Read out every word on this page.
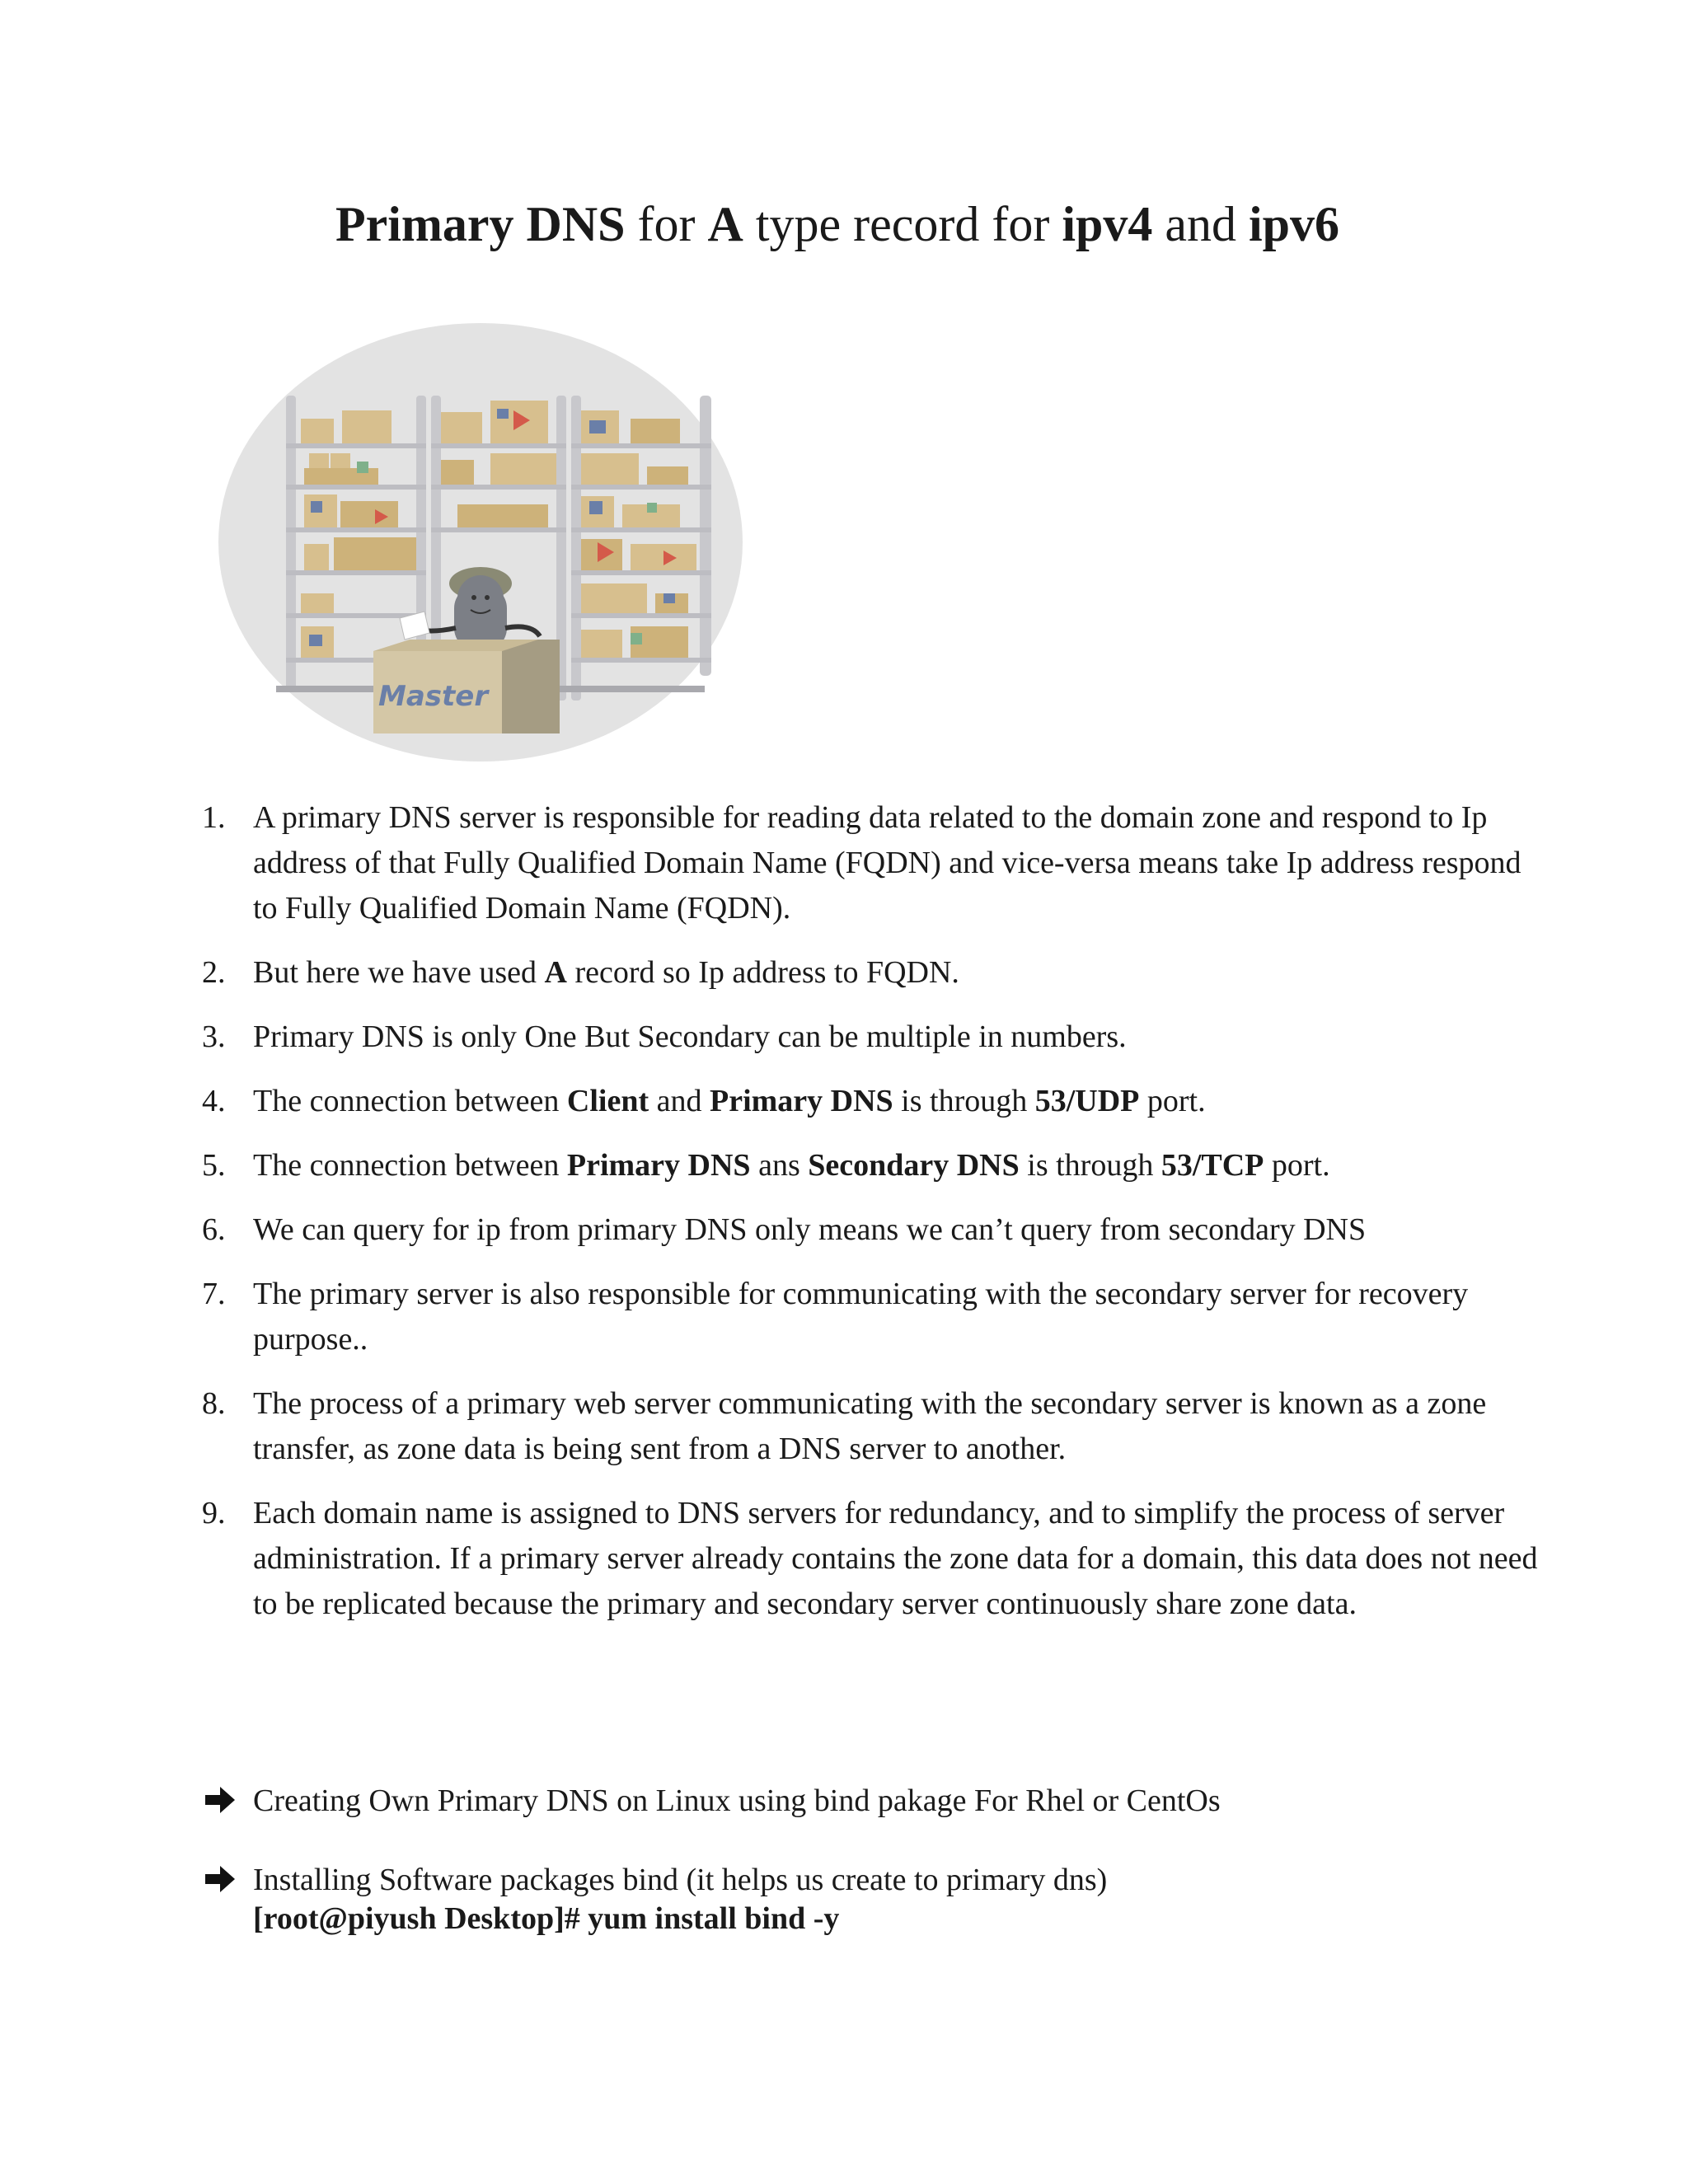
Primary DNS for A type record for ipv4 and ipv6
Master
1. A primary DNS server is responsible for reading data related to the domain zone and respond to Ip address of that Fully Qualified Domain Name (FQDN) and vice-versa means take Ip address respond to Fully Qualified Domain Name (FQDN).
2. But here we have used A record so Ip address to FQDN.
3. Primary DNS is only One But Secondary can be multiple in numbers.
4. The connection between Client and Primary DNS is through 53/UDP port.
5. The connection between Primary DNS ans Secondary DNS is through 53/TCP port.
6. We can query for ip from primary DNS only means we can’t query from secondary DNS
7. The primary server is also responsible for communicating with the secondary server for recovery purpose..
8. The process of a primary web server communicating with the secondary server is known as a zone transfer, as zone data is being sent from a DNS server to another.
9. Each domain name is assigned to DNS servers for redundancy, and to simplify the process of server administration. If a primary server already contains the zone data for a domain, this data does not need to be replicated because the primary and secondary server continuously share zone data.
Creating Own Primary DNS on Linux using bind pakage For Rhel or CentOs
Installing Software packages bind (it helps us create to primary dns)
[root@piyush Desktop]# yum install bind -y
